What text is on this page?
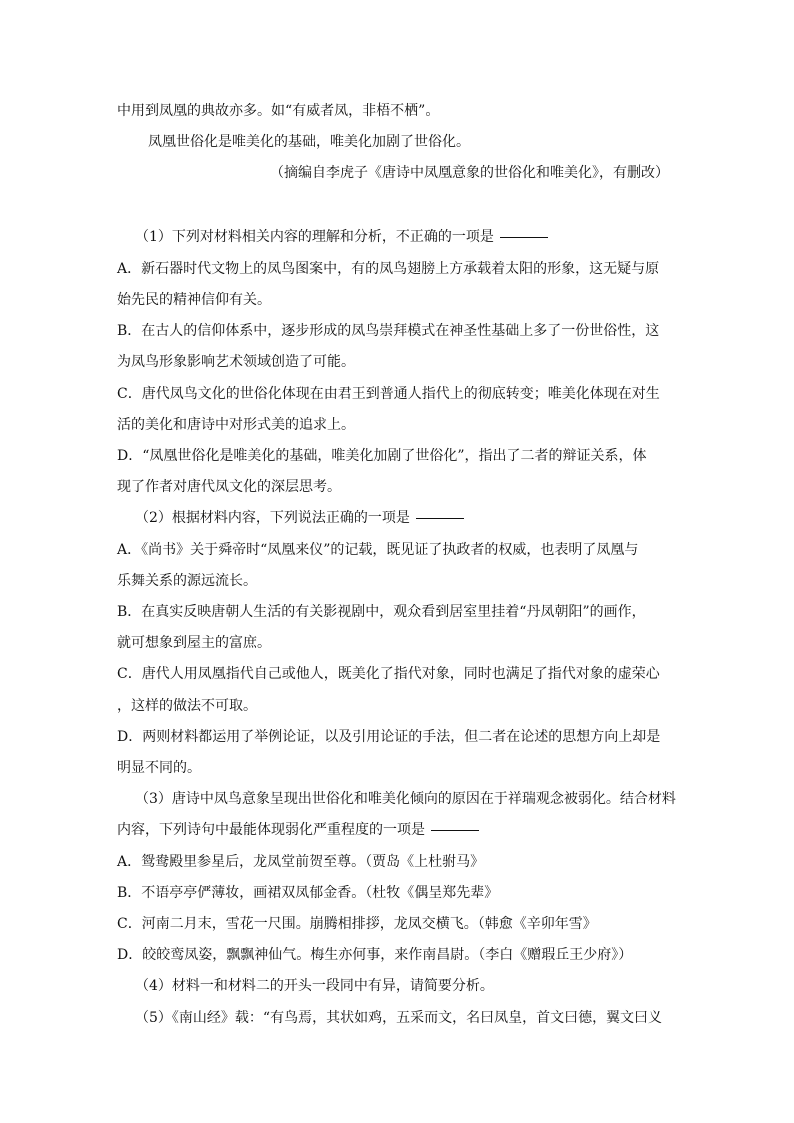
中用到凤凰的典故亦多。如“有威者凤，非梧不栖”。
凤凰世俗化是唯美化的基础，唯美化加剧了世俗化。
（摘编自李虎子《唐诗中凤凰意象的世俗化和唯美化》，有删改）
（1）下列对材料相关内容的理解和分析，不正确的一项是
A．新石器时代文物上的凤鸟图案中，有的凤鸟翅膀上方承载着太阳的形象，这无疑与原
始先民的精神信仰有关。
B．在古人的信仰体系中，逐步形成的凤鸟崇拜模式在神圣性基础上多了一份世俗性，这
为凤鸟形象影响艺术领域创造了可能。
C．唐代凤鸟文化的世俗化体现在由君王到普通人指代上的彻底转变；唯美化体现在对生
活的美化和唐诗中对形式美的追求上。
D．“凤凰世俗化是唯美化的基础，唯美化加剧了世俗化”，指出了二者的辩证关系，体
现了作者对唐代凤文化的深层思考。
（2）根据材料内容，下列说法正确的一项是
A．《尚书》关于舜帝时“凤凰来仪”的记载，既见证了执政者的权威，也表明了凤凰与
乐舞关系的源远流长。
B．在真实反映唐朝人生活的有关影视剧中，观众看到居室里挂着“丹凤朝阳”的画作，
就可想象到屋主的富庶。
C．唐代人用凤凰指代自己或他人，既美化了指代对象，同时也满足了指代对象的虚荣心
，这样的做法不可取。
D．两则材料都运用了举例论证，以及引用论证的手法，但二者在论述的思想方向上却是
明显不同的。
（3）唐诗中凤鸟意象呈现出世俗化和唯美化倾向的原因在于祥瑞观念被弱化。结合材料
内容，下列诗句中最能体现弱化严重程度的一项是
A．鸳鸯殿里参星后，龙凤堂前贺至尊。（贾岛《上杜驸马》
B．不语亭亭俨薄妆，画裙双凤郁金香。（杜牧《偶呈郑先辈》
C．河南二月末，雪花一尺围。崩腾相排拶，龙凤交横飞。（韩愈《辛卯年雪》
D．皎皎鸾凤姿，飘飘神仙气。梅生亦何事，来作南昌尉。（李白《赠瑕丘王少府》）
（4）材料一和材料二的开头一段同中有异，请简要分析。
（5）《南山经》载：“有鸟焉，其状如鸡，五采而文，名曰凤皇，首文曰德，翼文曰义
